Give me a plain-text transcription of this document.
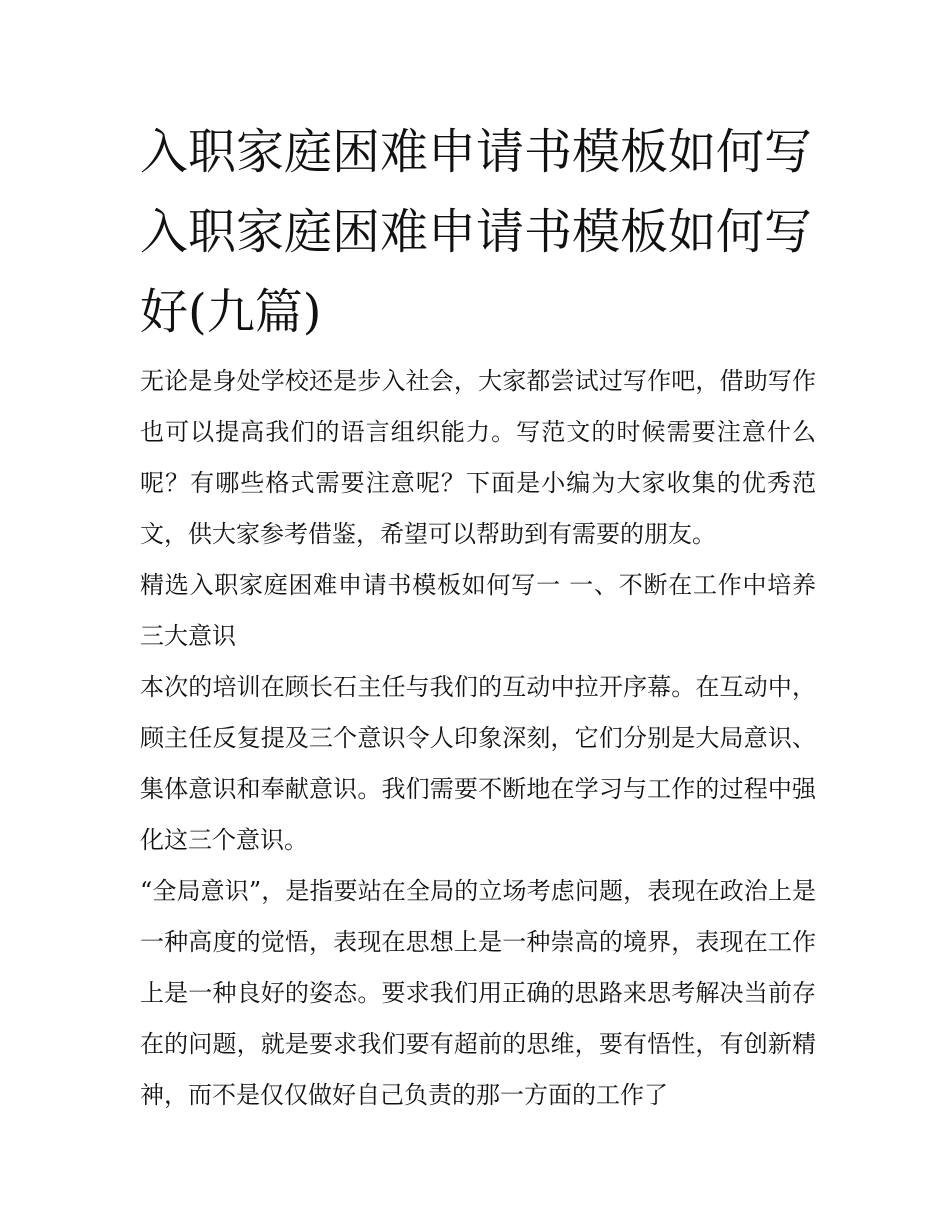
入职家庭困难申请书模板如何写 入职家庭困难申请书模板如何写好(九篇)

无论是身处学校还是步入社会，大家都尝试过写作吧，借助写作也可以提高我们的语言组织能力。写范文的时候需要注意什么呢？有哪些格式需要注意呢？下面是小编为大家收集的优秀范文，供大家参考借鉴，希望可以帮助到有需要的朋友。

精选入职家庭困难申请书模板如何写一 一、不断在工作中培养三大意识

本次的培训在顾长石主任与我们的互动中拉开序幕。在互动中，顾主任反复提及三个意识令人印象深刻，它们分别是大局意识、集体意识和奉献意识。我们需要不断地在学习与工作的过程中强化这三个意识。

“全局意识”，是指要站在全局的立场考虑问题，表现在政治上是一种高度的觉悟，表现在思想上是一种崇高的境界，表现在工作上是一种良好的姿态。要求我们用正确的思路来思考解决当前存在的问题，就是要求我们要有超前的思维，要有悟性，有创新精神，而不是仅仅做好自己负责的那一方面的工作了
